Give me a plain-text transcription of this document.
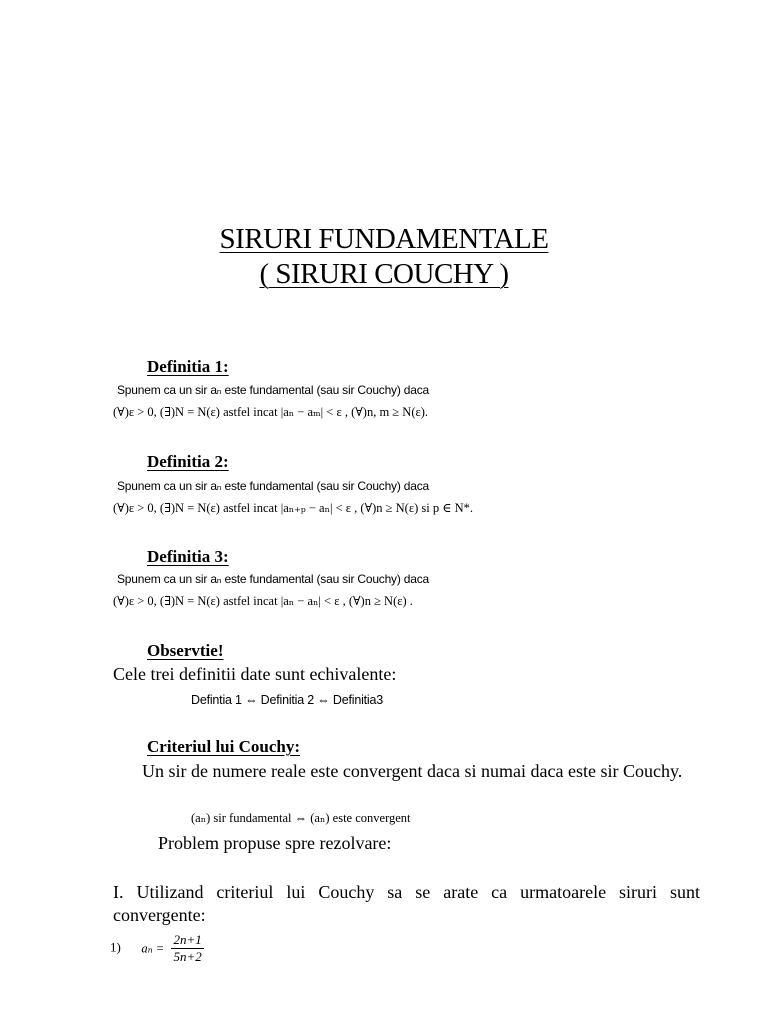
SIRURI FUNDAMENTALE
( SIRURI COUCHY )
Definitia 1:
Spunem ca un sir aₙ este fundamental (sau sir Couchy) daca
(∀)ε > 0, (∃)N = N(ε) astfel incat |aₙ − aₘ| < ε , (∀)n, m ≥ N(ε).
Definitia 2:
Spunem ca un sir aₙ este fundamental (sau sir Couchy) daca
(∀)ε > 0, (∃)N = N(ε) astfel incat |aₙ₊ₚ − aₙ| < ε , (∀)n ≥ N(ε) si p ∈ N*.
Definitia 3:
Spunem ca un sir aₙ este fundamental (sau sir Couchy) daca
(∀)ε > 0, (∃)N = N(ε) astfel incat |aₙ − aₙ| < ε , (∀)n ≥ N(ε) .
Observtie!
Cele trei definitii date sunt echivalente:
Defintia 1 ⇔ Definitia 2 ⇔ Definitia3
Criteriul lui Couchy:
Un sir de numere reale este convergent daca si numai daca este sir Couchy.
(aₙ) sir fundamental ⇔ (aₙ) este convergent
Problem propuse spre rezolvare:
I. Utilizand criteriul lui Couchy sa se arate ca urmatoarele siruri sunt convergente:
1) $a_n = \frac{2n+1}{5n+2}$
